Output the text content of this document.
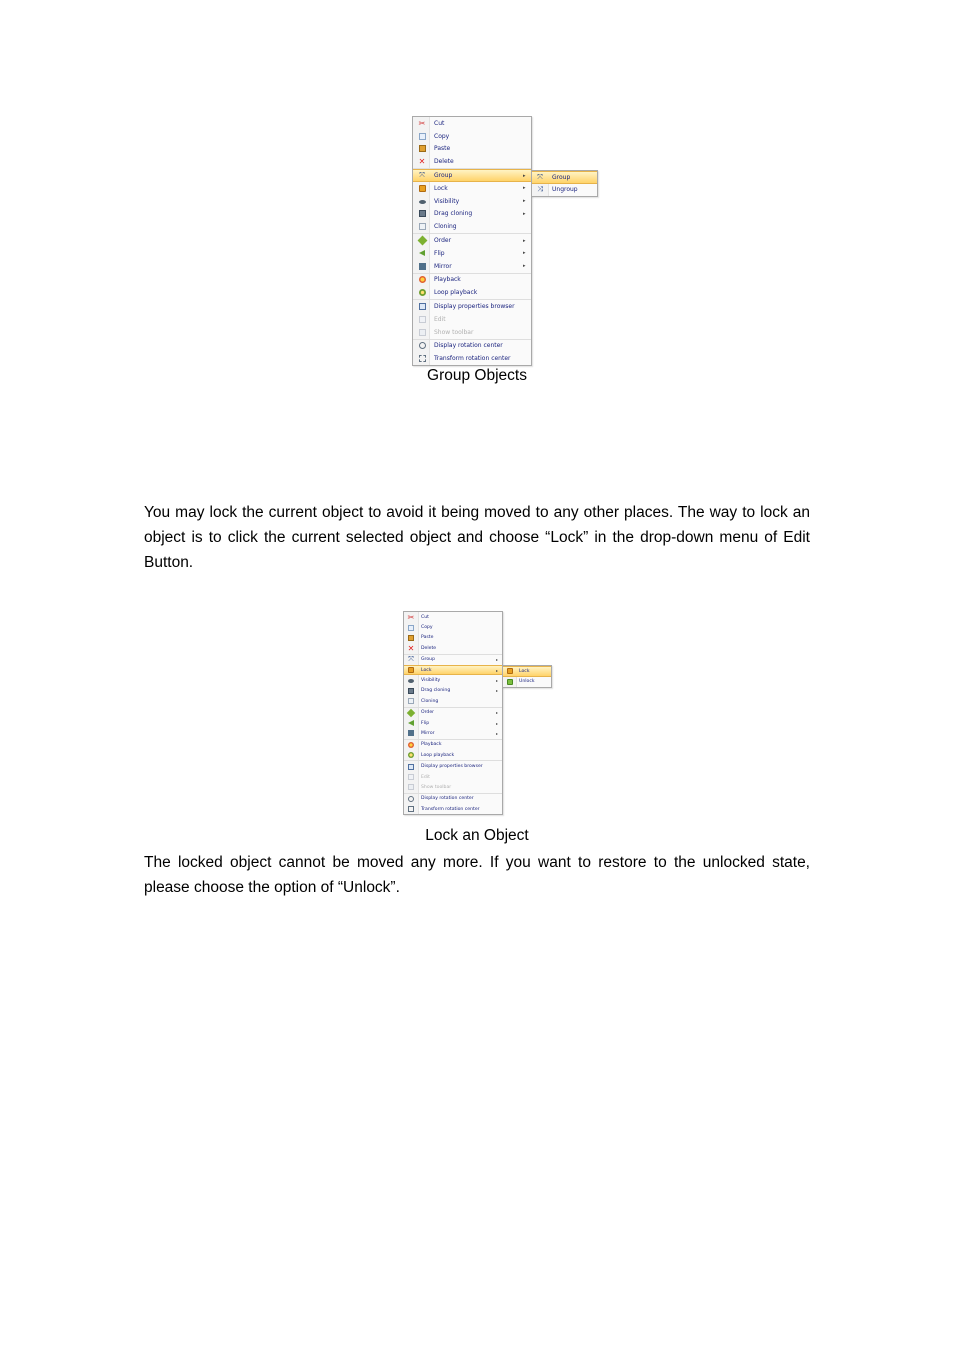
✂	Cut
Copy
Paste
✕	Delete
⤧	Group	▸
Lock	▸
Visibility	▸
Drag cloning	▸
Cloning
Order	▸
Flip	▸
Mirror	▸
Playback
Loop playback
Display properties browser
Edit
Show toolbar
Display rotation center
Transform rotation center
⤧	Group
⤨	Ungroup
Group Objects

You may lock the current object to avoid it being moved to any other places. The way to lock an object is to click the current selected object and choose “Lock” in the drop-down menu of Edit Button.

✂	Cut
Copy
Paste
✕	Delete
⤧	Group	▸
Lock	▸
Visibility	▸
Drag cloning	▸
Cloning
Order	▸
Flip	▸
Mirror	▸
Playback
Loop playback
Display properties browser
Edit
Show toolbar
Display rotation center
Transform rotation center
Lock
Unlock
Lock an Object

The locked object cannot be moved any more. If you want to restore to the unlocked state, please choose the option of “Unlock”.
